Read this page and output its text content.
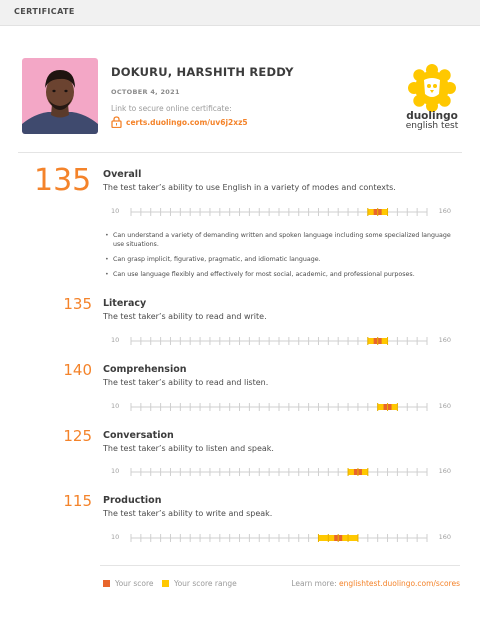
CERTIFICATE
DOKURU, HARSHITH REDDY
OCTOBER 4, 2021
Link to secure online certificate:
certs.duolingo.com/uv6j2xz5
duolingo
english test
135 Overall
The test taker’s ability to use English in a variety of modes and contexts.
10	160
• Can understand a variety of demanding written and spoken language including some specialized language use situations.
• Can grasp implicit, figurative, pragmatic, and idiomatic language.
• Can use language flexibly and effectively for most social, academic, and professional purposes.
135 Literacy
The test taker’s ability to read and write.
10	160
140 Comprehension
The test taker’s ability to read and listen.
10	160
125 Conversation
The test taker’s ability to listen and speak.
10	160
115 Production
The test taker’s ability to write and speak.
10	160
Your score	Your score range	Learn more: englishtest.duolingo.com/scores
